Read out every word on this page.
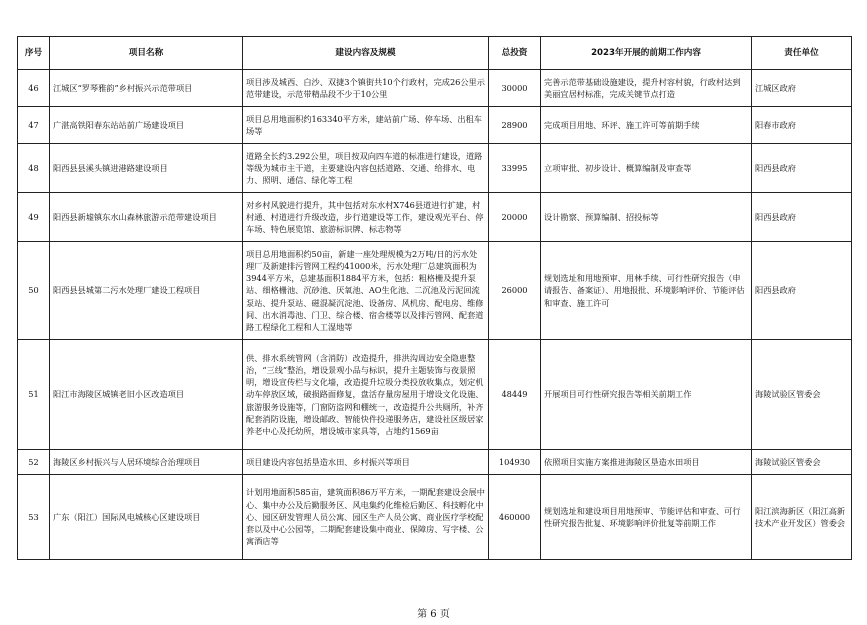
序号	项目名称	建设内容及规模	总投资	2023年开展的前期工作内容	责任单位
46	江城区“罗琴雅韵”乡村振兴示范带项目	项目涉及城西、白沙、双捷3个镇街共10个行政村，完成26公里示范带建设，示范带精品段不少于10公里	30000	完善示范带基础设施建设，提升村容村貌，行政村达到美丽宜居村标准，完成关键节点打造	江城区政府
47	广湛高铁阳春东站站前广场建设项目	项目总用地面积约163340平方米，建站前广场、停车场、出租车场等	28900	完成项目用地、环评、施工许可等前期手续	阳春市政府
48	阳西县县溪头镇进港路建设项目	道路全长约3.292公里，项目按双向四车道的标准进行建设，道路等级为城市主干道，主要建设内容包括道路、交通、给排水、电力、照明、通信、绿化等工程	33995	立项审批、初步设计、概算编制及审查等	阳西县政府
49	阳西县新墟镇东水山森林旅游示范带建设项目	对乡村风貌进行提升，其中包括对东水村X746县道进行扩建，村村通、村道进行升级改造，步行道建设等工作，建设观光平台、停车场、特色展览馆、旅游标识牌、标志物等	20000	设计勘察、预算编制、招投标等	阳西县政府
50	阳西县县城第二污水处理厂建设工程项目	项目总用地面积约50亩，新建一座处理规模为2万吨/日的污水处理厂及新建排污管网工程约41000米，污水处理厂总建筑面积为3944平方米，总建基面积1884平方米，包括：粗格栅及提升泵站、细格栅池、沉砂池、厌氧池、AO生化池、二沉池及污泥回流泵站、提升泵站、磁混凝沉淀池、设备房、风机房、配电房、维修间、出水消毒池、门卫、综合楼、宿舍楼等以及排污管网、配套道路工程绿化工程和人工湿地等	26000	规划选址和用地预审、用林手续、可行性研究报告（申请报告、备案证）、用地报批、环境影响评价、节能评估和审查、施工许可	阳西县政府
51	阳江市海陵区城镇老旧小区改造项目	供、排水系统管网（含消防）改造提升，排洪沟周边安全隐患整治，“三线”整治，增设景观小品与标识，提升主题装饰与夜景照明，增设宣传栏与文化墙，改造提升垃圾分类投放收集点，划定机动车停放区域，破损路面修复，盘活存量房屋用于增设文化设施、旅游服务设施等，门窗防盗网和棚统一，改造提升公共厕所，补齐配套消防设施，增设邮政、智能快件投递服务店，建设社区级居家养老中心及托幼所，增设城市家具等，占地约1569亩	48449	开展项目可行性研究报告等相关前期工作	海陵试验区管委会
52	海陵区乡村振兴与人居环境综合治理项目	项目建设内容包括垦造水田、乡村振兴等项目	104930	依照项目实施方案推进海陵区垦造水田项目	海陵试验区管委会
53	广东（阳江）国际风电城核心区建设项目	计划用地面积585亩，建筑面积86万平方米，一期配套建设会展中心、集中办公及后勤服务区、风电集约化维检后勤区、科技孵化中心、园区研发管理人员公寓、园区生产人员公寓、商业医疗学校配套以及中心公园等，二期配套建设集中商业、保障房、写字楼、公寓酒店等	460000	规划选址和建设项目用地预审、节能评估和审查、可行性研究报告批复、环境影响评价批复等前期工作	阳江滨海新区（阳江高新技术产业开发区）管委会
第 6 页
